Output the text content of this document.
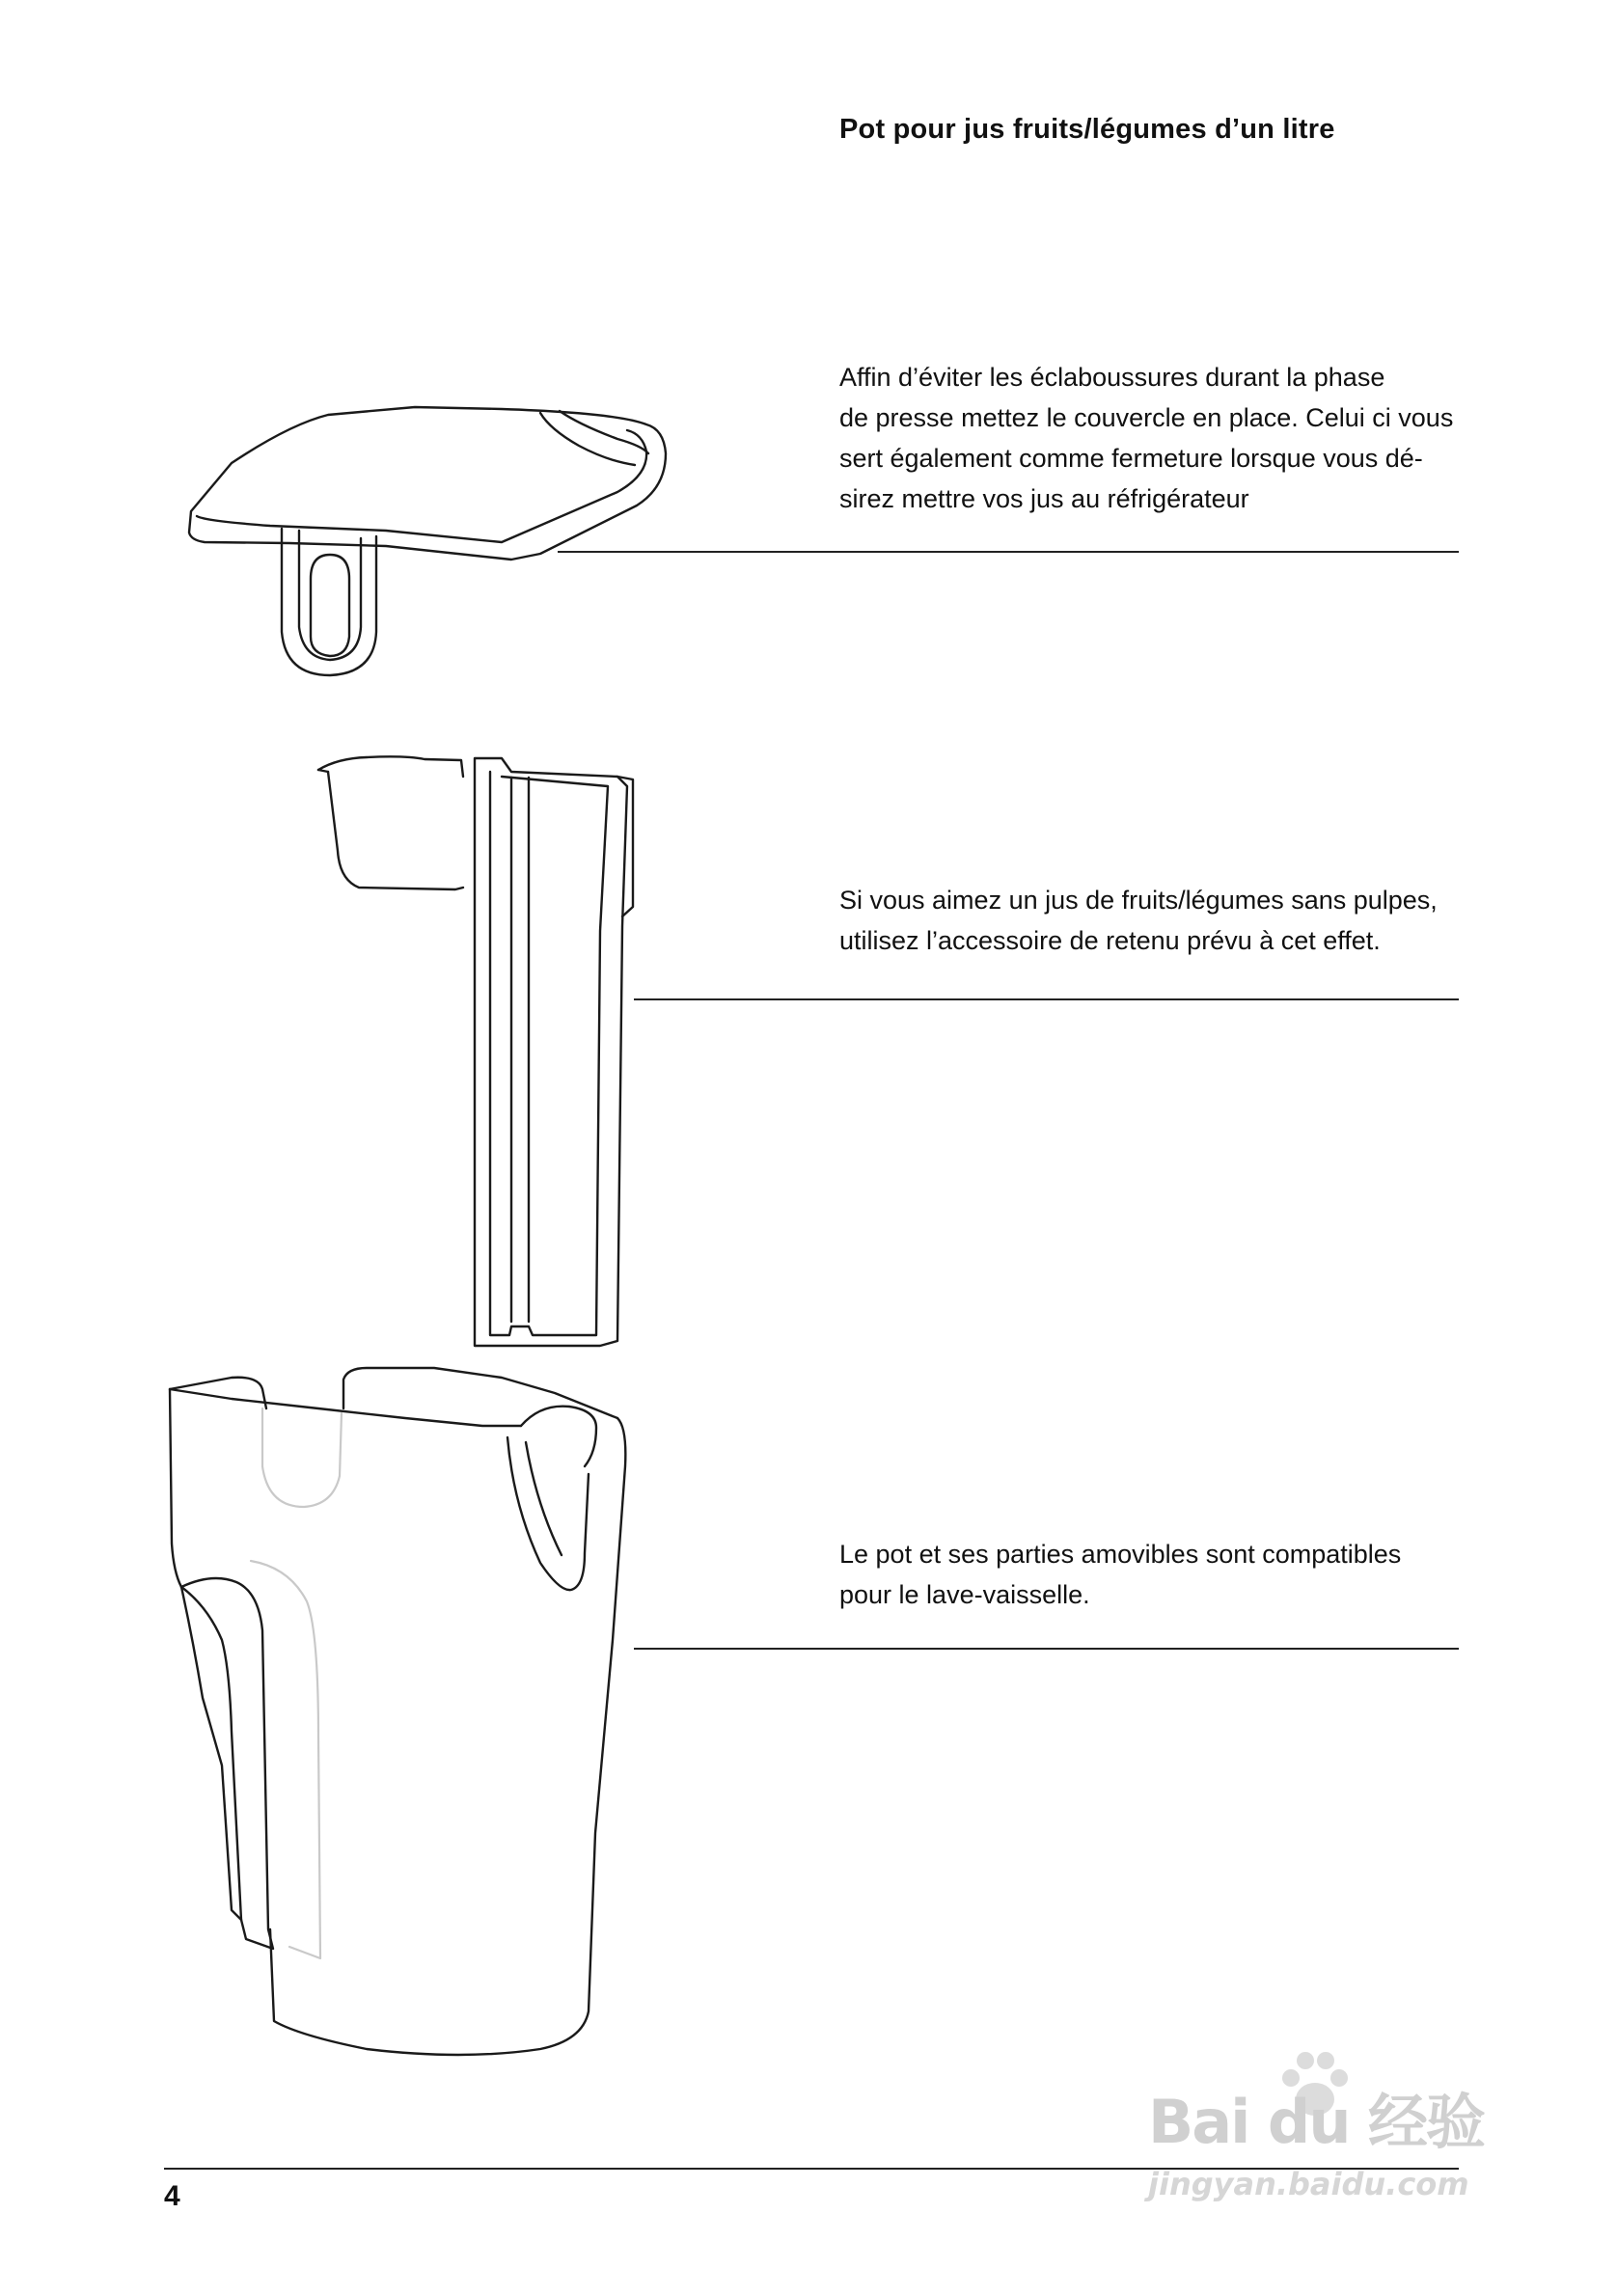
Pot pour jus fruits/légumes d’un litre

Affin d’éviter les éclaboussures durant la phase
de presse mettez le couvercle en place. Celui ci vous
sert également comme fermeture lorsque vous dé-
sirez mettre vos jus au réfrigérateur

Si vous aimez un jus de fruits/légumes sans pulpes,
utilisez l’accessoire de retenu prévu à cet effet.

Le pot et ses parties amovibles sont compatibles
pour le lave-vaisselle.

4
Bai du 经验
jingyan.baidu.com
